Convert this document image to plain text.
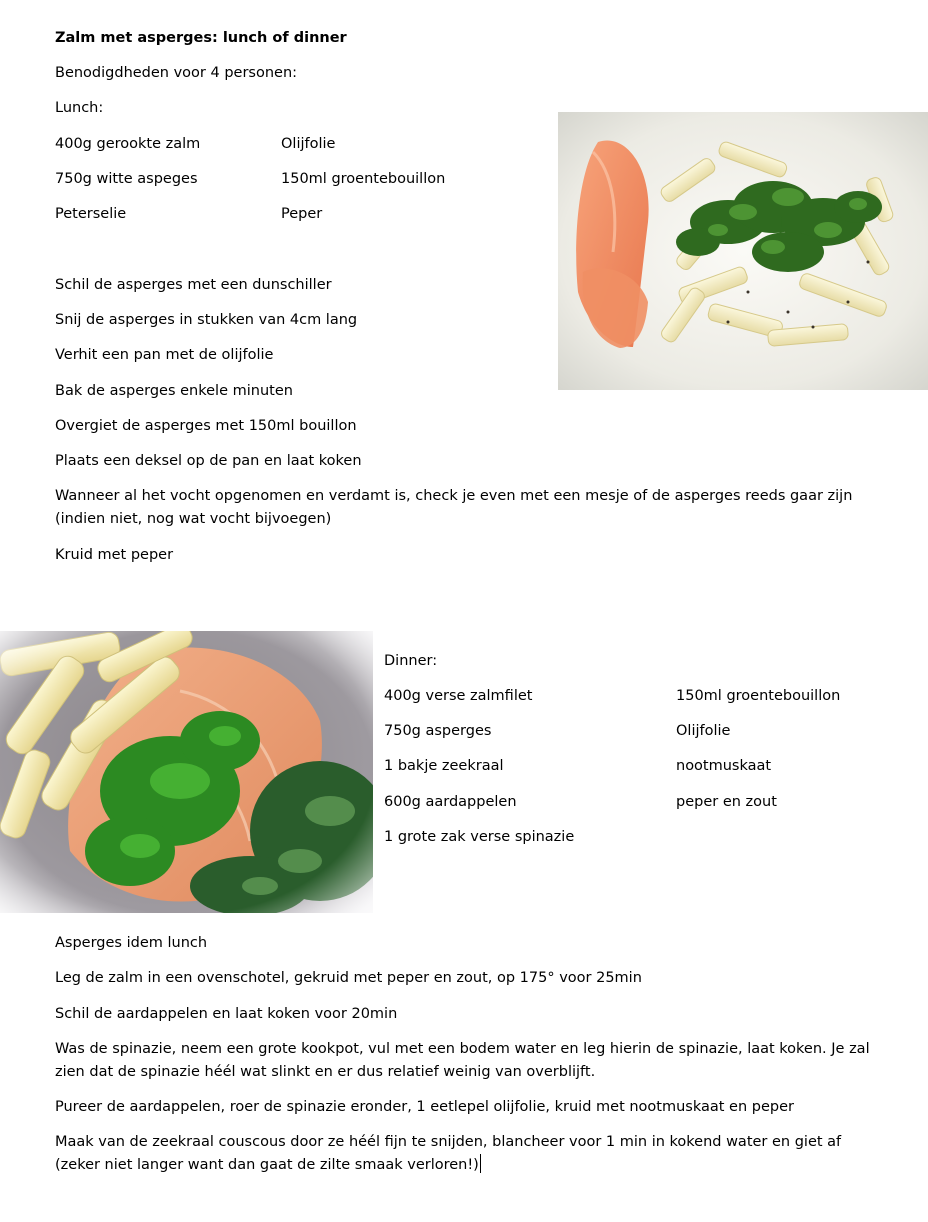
Zalm met asperges: lunch of dinner
Benodigdheden voor 4 personen:
Lunch:
400g gerookte zalm
750g witte aspeges
Peterselie
Olijfolie
150ml groentebouillon
Peper
Schil de asperges met een dunschiller
Snij de asperges in stukken van 4cm lang
Verhit een pan met de olijfolie
Bak de asperges enkele minuten
Overgiet de asperges met 150ml bouillon
Plaats een deksel op de pan en laat koken
Wanneer al het vocht opgenomen en verdamt is, check je even met een mesje of de asperges reeds gaar zijn (indien niet, nog wat vocht bijvoegen)
Kruid met peper
Dinner:
400g verse zalmfilet
750g asperges
1 bakje zeekraal
600g aardappelen
1 grote zak verse spinazie
150ml groentebouillon
Olijfolie
nootmuskaat
peper en zout
Asperges idem lunch
Leg de zalm in een ovenschotel, gekruid met peper en zout, op 175° voor 25min
Schil de aardappelen en laat koken voor 20min
Was de spinazie, neem een grote kookpot, vul met een bodem water en leg hierin de spinazie, laat koken. Je zal zien dat de spinazie héél wat slinkt en er dus relatief weinig van overblijft.
Pureer de aardappelen, roer de spinazie eronder, 1 eetlepel olijfolie, kruid met nootmuskaat en peper
Maak van de zeekraal couscous door ze héél fijn te snijden, blancheer voor 1 min in kokend water en giet af (zeker niet langer want dan gaat de zilte smaak verloren!)
